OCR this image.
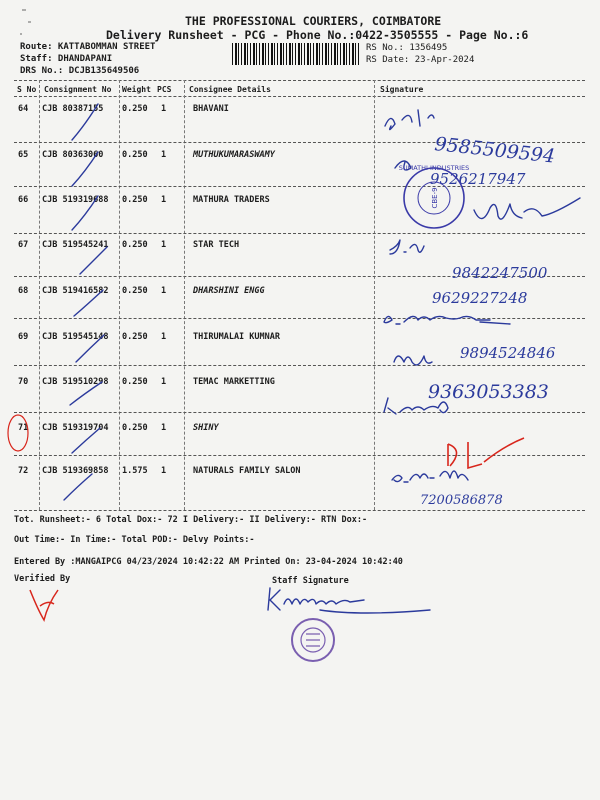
THE PROFESSIONAL COURIERS, COIMBATORE
Delivery Runsheet - PCG - Phone No.:0422-3505555 - Page No.:6
Route: KATTABOMMAN STREET
Staff: DHANDAPANI
DRS No.: DCJB135649506
RS No.: 1356495
RS Date: 23-Apr-2024
S No Consignment No Weight PCS Consignee Details	Signature
64 CJB 80387155 0.250 1	BHAVANI
65 CJB 80363060 0.250 1	MUTHUKUMARASWAMY
66 CJB 519319688 0.250 1	MATHURA TRADERS
67 CJB 519545241 0.250 1	STAR TECH
68 CJB 519416582 0.250 1	DHARSHINI ENGG
69 CJB 519545148 0.250 1	THIRUMALAI KUMNAR
70 CJB 519510298 0.250 1	TEMAC MARKETTING
71 CJB 519319704 0.250 1	SHINY
72 CJB 519369858 1.575 1	NATURALS FAMILY SALON
Tot. Runsheet:- 6 Total Dox:- 72 I Delivery:- II Delivery:- RTN Dox:-
Out Time:- In Time:- Total POD:- Delvy Points:-
Entered By :MANGAIPCG 04/23/2024 10:42:22 AM Printed On: 23-04-2024 10:42:40
Verified By	Staff Signature
9585509594
9526217947
9842247500
9629227248
9894524846
9363053383
7200586878
SUMATHI INDUSTRIES
CBE-9
